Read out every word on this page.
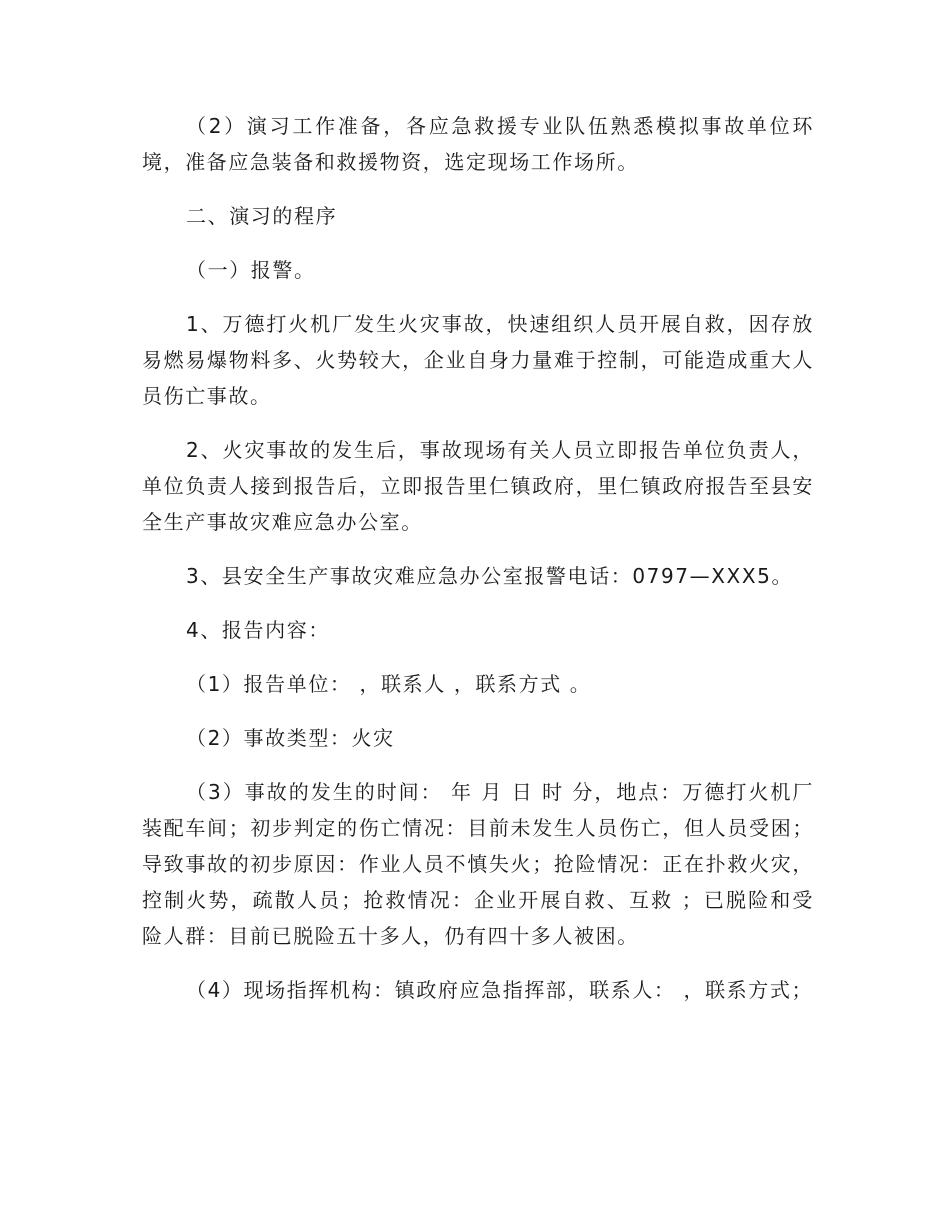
（2）演习工作准备，各应急救援专业队伍熟悉模拟事故单位环境，准备应急装备和救援物资，选定现场工作场所。

二、演习的程序

（一）报警。

1、万德打火机厂发生火灾事故，快速组织人员开展自救，因存放易燃易爆物料多、火势较大，企业自身力量难于控制，可能造成重大人员伤亡事故。

2、火灾事故的发生后，事故现场有关人员立即报告单位负责人，单位负责人接到报告后，立即报告里仁镇政府，里仁镇政府报告至县安全生产事故灾难应急办公室。

3、县安全生产事故灾难应急办公室报警电话：0797—XXX5。

4、报告内容：

（1）报告单位： ，联系人 ，联系方式 。

（2）事故类型：火灾

（3）事故的发生的时间： 年 月 日 时 分，地点：万德打火机厂装配车间；初步判定的伤亡情况：目前未发生人员伤亡，但人员受困；导致事故的初步原因：作业人员不慎失火；抢险情况：正在扑救火灾，控制火势，疏散人员；抢救情况：企业开展自救、互救 ；已脱险和受险人群：目前已脱险五十多人，仍有四十多人被困。

（4）现场指挥机构：镇政府应急指挥部，联系人： ，联系方式；
